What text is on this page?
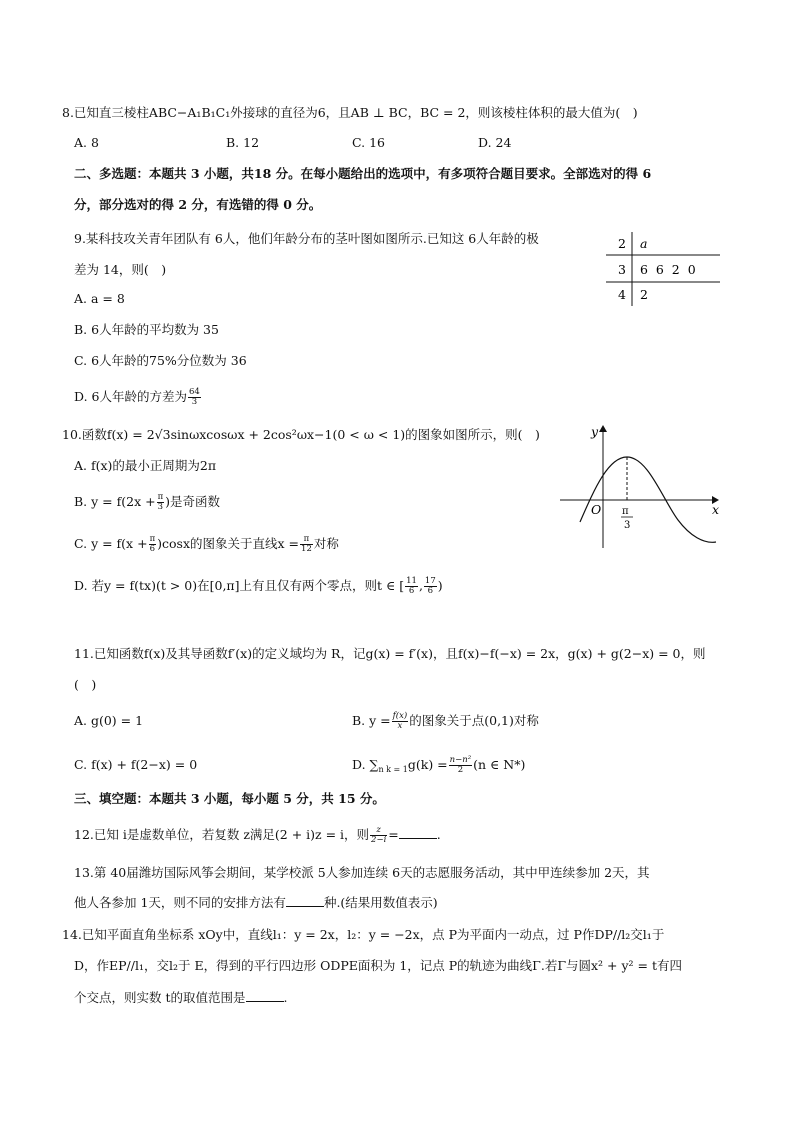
8.已知直三棱柱ABC−A₁B₁C₁外接球的直径为6，且AB ⊥ BC，BC = 2，则该棱柱体积的最大值为(　)
A. 8	B. 12	C. 16	D. 24
二、多选题：本题共 3 小题，共18 分。在每小题给出的选项中，有多项符合题目要求。全部选对的得 6
分，部分选对的得 2 分，有选错的得 0 分。
9.某科技攻关青年团队有 6人，他们年龄分布的茎叶图如图所示.已知这 6人年龄的极
差为 14，则(　)
A. a = 8
B. 6人年龄的平均数为 35
C. 6人年龄的75%分位数为 36
D. 6人年龄的方差为 $\frac{64}{3}$
2 a
3 6  6  2  0
4 2
10.函数f(x) = 2√3sinωxcosωx + 2cos²ωx−1(0 < ω < 1)的图象如图所示，则(　)
A. f(x)的最小正周期为2π
B. $y = f(2x + \frac{\pi}{3}$ )是奇函数
C. $y = f(x + \frac{\pi}{6} )\cos x$的图象关于直线$x = \frac{\pi}{12}$ 对称
D. 若y = f(tx)(t > 0)在[0,π]上有且仅有两个零点，则t ∈ [ $\frac{11}{6}$ , $\frac{17}{6}$ )
y
x
O π
3
11.已知函数f(x)及其导函数f′(x)的定义域均为 R，记g(x) = f′(x)，且f(x)−f(−x) = 2x，g(x) + g(2−x) = 0，则
(　)
A. g(0) = 1	B. $y = \frac{f(x)}{x}$ 的图象关于点(0,1)对称
C. f(x) + f(2−x) = 0	D. $\sum_{n k = 1}g(k) = \frac{\text{n−n²}}{2} (n$ ∈ N*)
三、填空题：本题共 3 小题，每小题 5 分，共 15 分。
12.已知 i是虚数单位，若复数 z满足(2 + i)z = i，则 $\frac{z}{2-i}$ =	.
13.第 40届潍坊国际风筝会期间，某学校派 5人参加连续 6天的志愿服务活动，其中甲连续参加 2天，其
他人各参加 1天，则不同的安排方法有	种.(结果用数值表示)
14.已知平面直角坐标系 xOy中，直线l₁：y = 2x，l₂：y = −2x，点 P为平面内一动点，过 P作DP//l₂交l₁于
D，作EP//l₁，交l₂于 E，得到的平行四边形 ODPE面积为 1，记点 P的轨迹为曲线Γ.若Γ与圆x² + y² = t有四
个交点，则实数 t的取值范围是	.
